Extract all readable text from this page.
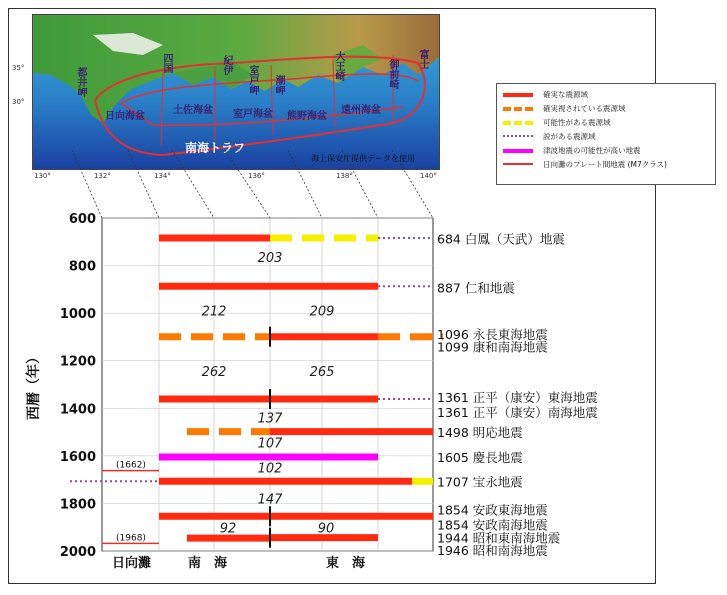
日向海盆
土佐海盆 室戸海盆 熊野海盆
遠州海盆
四国	紀伊	大王崎	御前崎 富士
都井岬	潮岬
室戸岬
南海トラフ
海上保安庁提供データを使用
35°
30°
130°	132°	134°	136°	138°	140°
確実な震源域
確実視されている震源域
可能性がある震源域
説がある震源域
津波地震の可能性が高い地震
日向灘のプレート間地震 (M7クラス)
600
800
1000
1200
1400
1600
1800
2000
西暦（年）
(1662)
(1968)
203
212	209
262	265
137
107
102
147
92	90
684 白鳳（天武）地震
887 仁和地震
1096 永長東海地震
1099 康和南海地震
1361 正平（康安）東海地震
1361 正平（康安）南海地震
1498 明応地震
1605 慶長地震
1707 宝永地震
1854 安政東海地震
1854 安政南海地震
1944 昭和東南海地震
1946 昭和南海地震
日向灘	南　海	東　海
